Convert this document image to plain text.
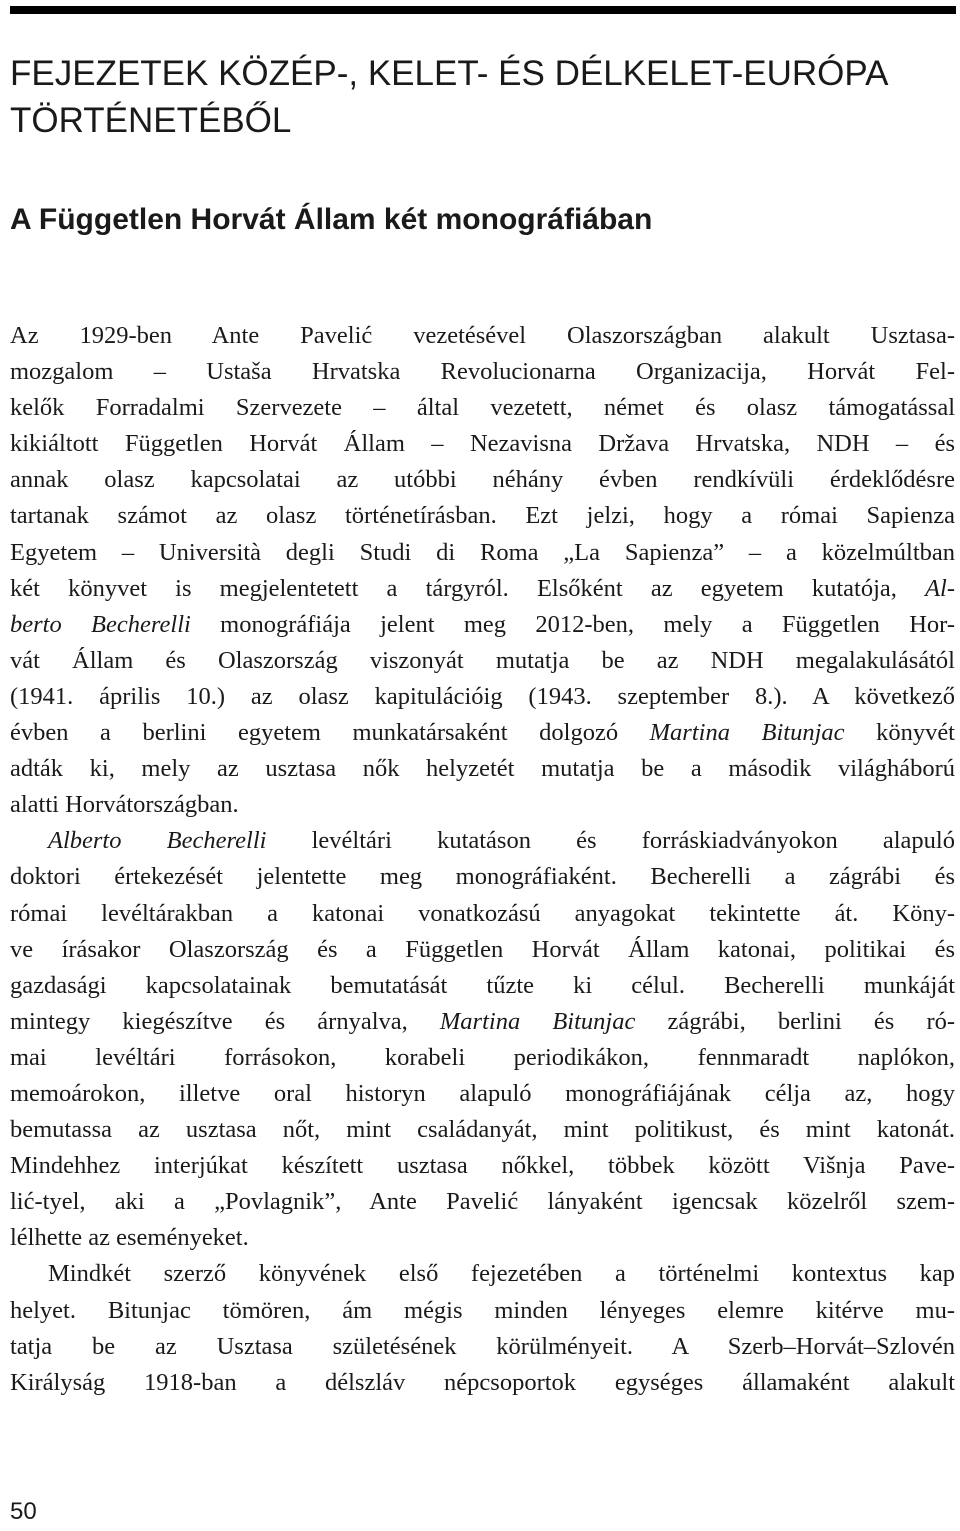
FEJEZETEK KÖZÉP-, KELET- ÉS DÉLKELET-EURÓPA
TÖRTÉNETÉBŐL
A Független Horvát Állam két monográfiában
Az 1929-ben Ante Pavelić vezetésével Olaszországban alakult Usztasa-
mozgalom – Ustaša Hrvatska Revolucionarna Organizacija, Horvát Fel-
kelők Forradalmi Szervezete – által vezetett, német és olasz támogatással
kikiáltott Független Horvát Állam – Nezavisna Država Hrvatska, NDH – és
annak olasz kapcsolatai az utóbbi néhány évben rendkívüli érdeklődésre
tartanak számot az olasz történetírásban. Ezt jelzi, hogy a római Sapienza
Egyetem – Università degli Studi di Roma „La Sapienza” – a közelmúltban
két könyvet is megjelentetett a tárgyról. Elsőként az egyetem kutatója, Al-
berto Becherelli monográfiája jelent meg 2012-ben, mely a Független Hor-
vát Állam és Olaszország viszonyát mutatja be az NDH megalakulásától
(1941. április 10.) az olasz kapitulációig (1943. szeptember 8.). A következő
évben a berlini egyetem munkatársaként dolgozó Martina Bitunjac könyvét
adták ki, mely az usztasa nők helyzetét mutatja be a második világháború
alatti Horvátországban.
Alberto Becherelli levéltári kutatáson és forráskiadványokon alapuló
doktori értekezését jelentette meg monográfiaként. Becherelli a zágrábi és
római levéltárakban a katonai vonatkozású anyagokat tekintette át. Köny-
ve írásakor Olaszország és a Független Horvát Állam katonai, politikai és
gazdasági kapcsolatainak bemutatását tűzte ki célul. Becherelli munkáját
mintegy kiegészítve és árnyalva, Martina Bitunjac zágrábi, berlini és ró-
mai levéltári forrásokon, korabeli periodikákon, fennmaradt naplókon,
memoárokon, illetve oral historyn alapuló monográfiájának célja az, hogy
bemutassa az usztasa nőt, mint családanyát, mint politikust, és mint katonát.
Mindehhez interjúkat készített usztasa nőkkel, többek között Višnja Pave-
lić-tyel, aki a „Povlagnik”, Ante Pavelić lányaként igencsak közelről szem-
lélhette az eseményeket.
Mindkét szerző könyvének első fejezetében a történelmi kontextus kap
helyet. Bitunjac tömören, ám mégis minden lényeges elemre kitérve mu-
tatja be az Usztasa születésének körülményeit. A Szerb–Horvát–Szlovén
Királyság 1918-ban a délszláv népcsoportok egységes államaként alakult
50
